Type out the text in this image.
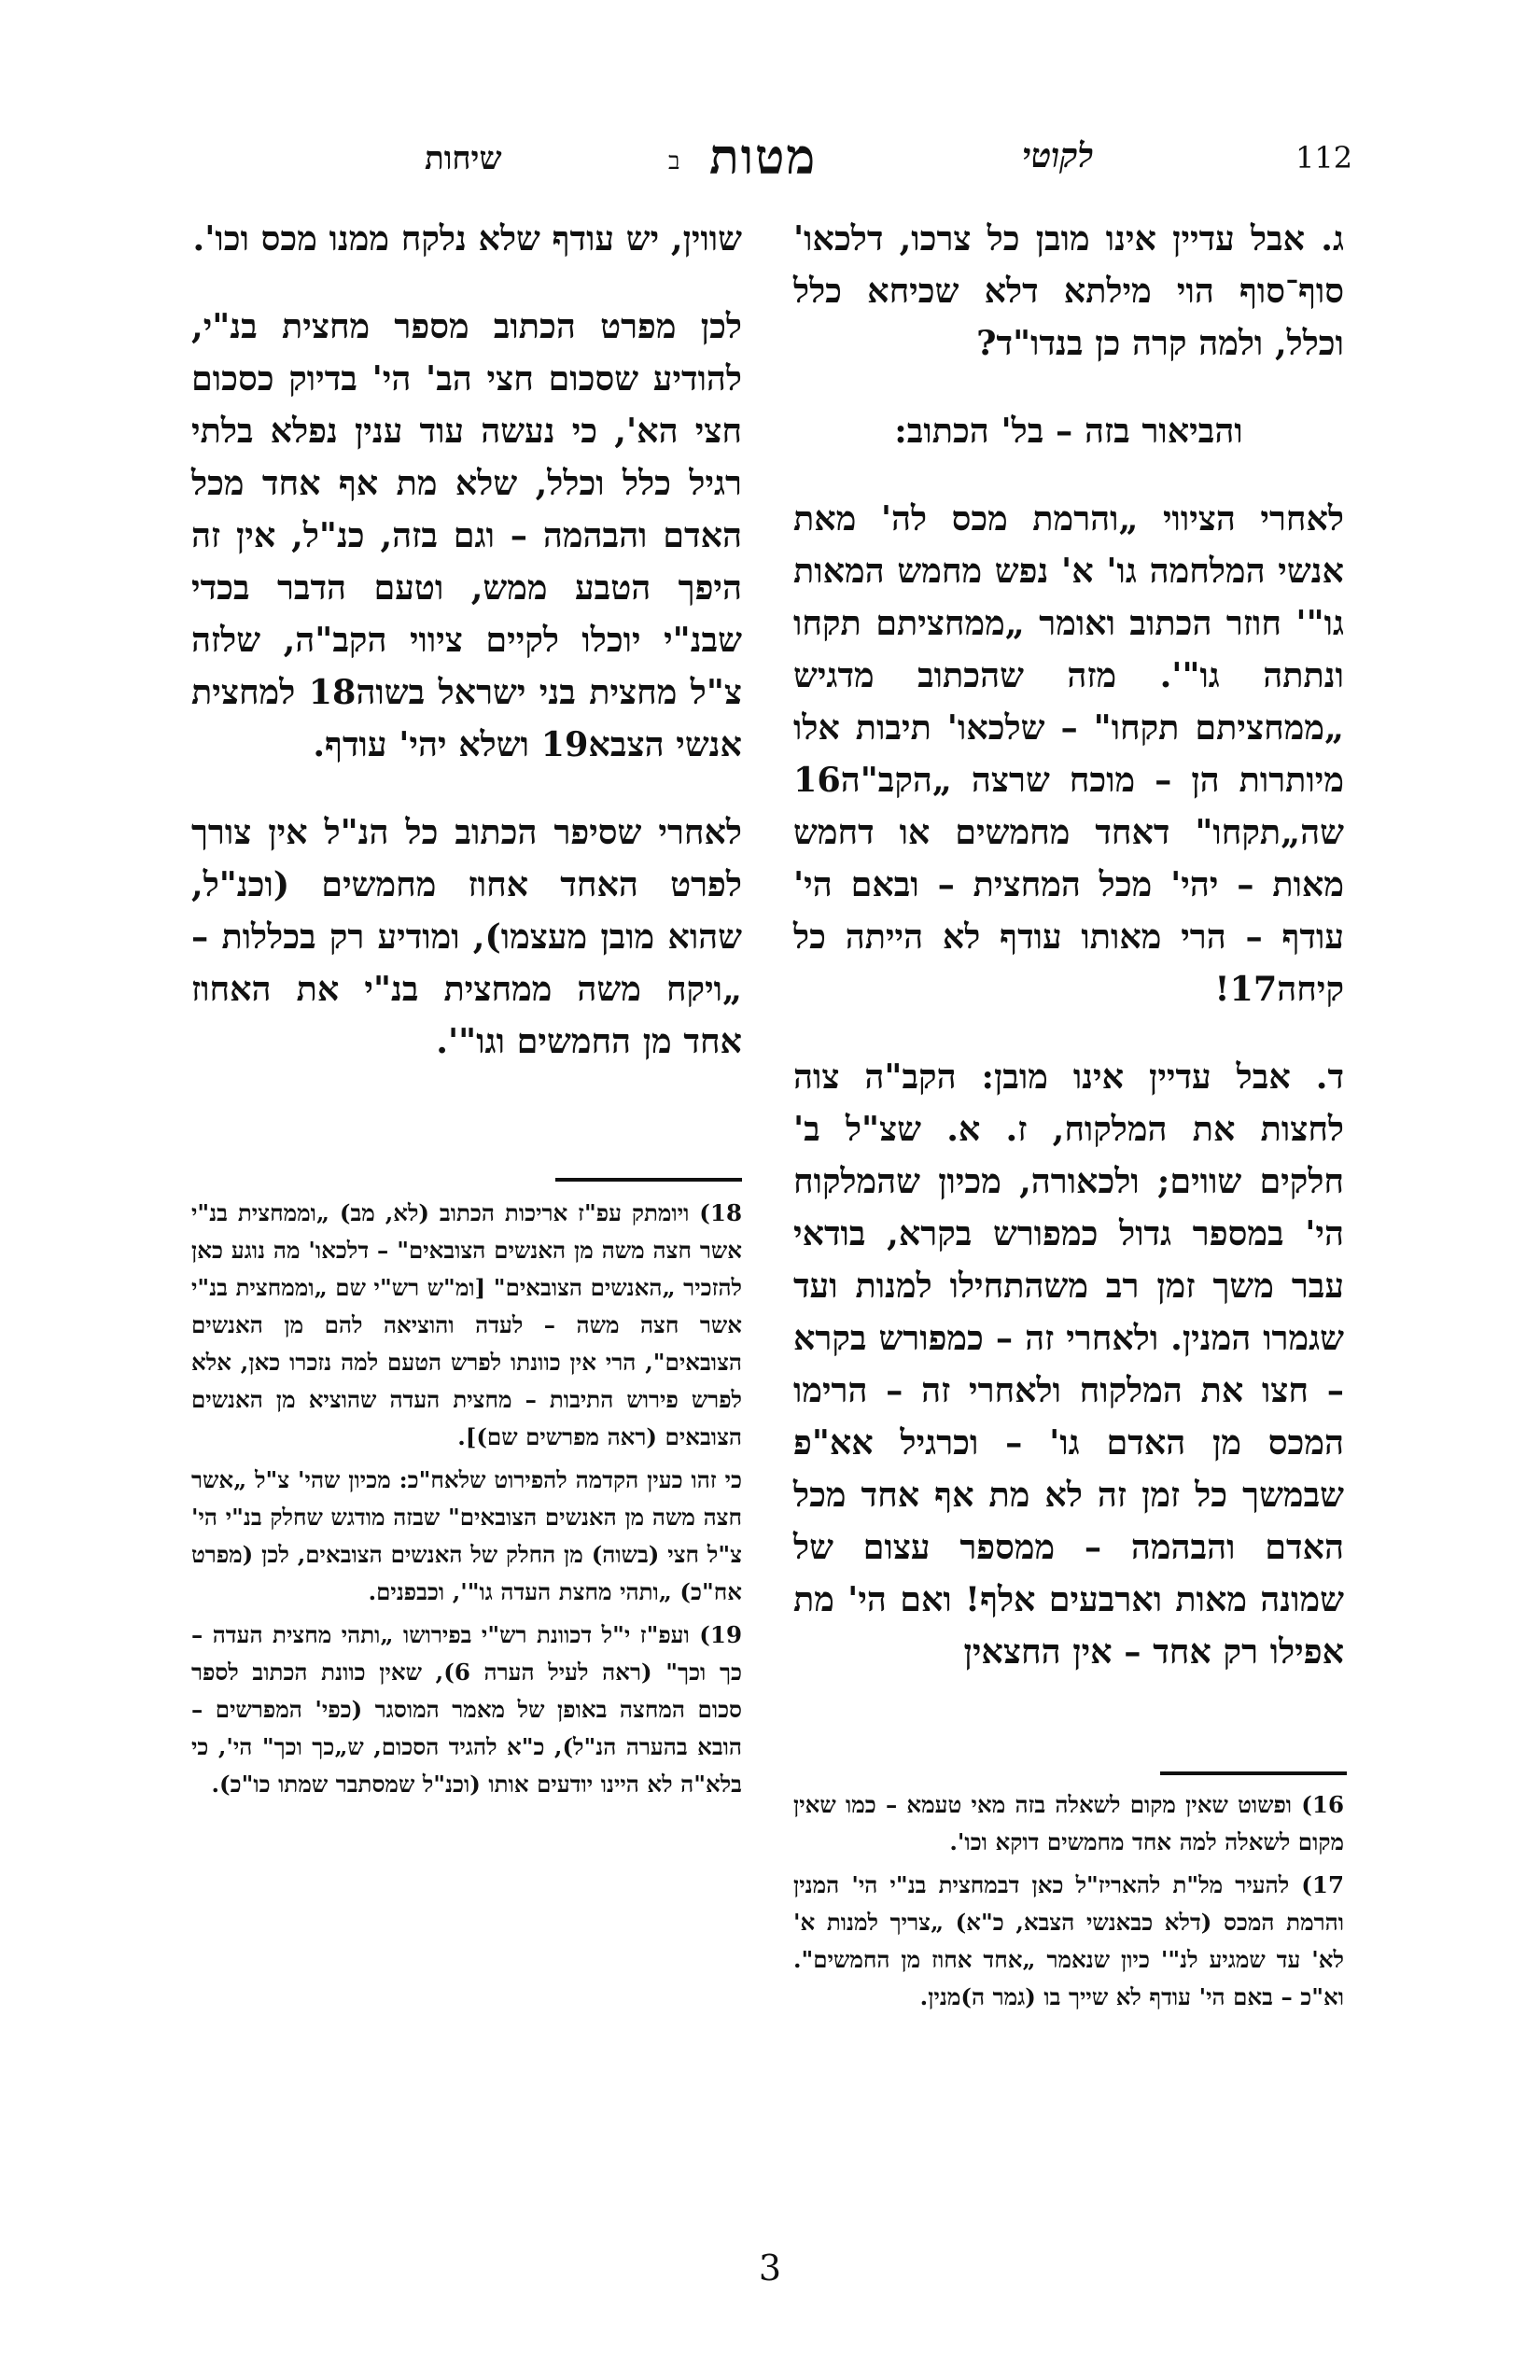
112
לקוטי
מטות
ב
שיחות

ג. אבל עדיין אינו מובן כל צרכו, דלכאו' סוף־סוף הוי מילתא דלא שכיחא כלל וכלל, ולמה קרה כן בנדו"ד?

והביאור בזה – בל' הכתוב:

לאחרי הציווי „והרמת מכס לה' מאת אנשי המלחמה גו' א' נפש מחמש המאות גו"' חוזר הכתוב ואומר „ממחציתם תקחו ונתתה גו"'. מזה שהכתוב מדגיש „ממחציתם תקחו" – שלכאו' תיבות אלו מיותרות הן – מוכח שרצה „הקב"ה16 שה„תקחו" דאחד מחמשים או דחמש מאות – יהי' מכל המחצית – ובאם הי' עודף – הרי מאותו עודף לא הייתה כל קיחה17!

ד. אבל עדיין אינו מובן: הקב"ה צוה לחצות את המלקוח, ז. א. שצ"ל ב' חלקים שווים; ולכאורה, מכיון שהמלקוח הי' במספר גדול כמפורש בקרא, בודאי עבר משך זמן רב משהתחילו למנות ועד שגמרו המנין. ולאחרי זה – כמפורש בקרא – חצו את המלקוח ולאחרי זה – הרימו המכס מן האדם גו' – וכרגיל אא"פ שבמשך כל זמן זה לא מת אף אחד מכל האדם והבהמה – ממספר עצום של שמונה מאות וארבעים אלף! ואם הי' מת אפילו רק אחד – אין החצאין

16) ופשוט שאין מקום לשאלה בזה מאי טעמא – כמו שאין מקום לשאלה למה אחד מחמשים דוקא וכו'.

17) להעיר מל"ת להאריז"ל כאן דבמחצית בנ"י הי' המנין והרמת המכס (דלא כבאנשי הצבא, כ"א) „צריך למנות א' לא' עד שמגיע לנ"' כיון שנאמר „אחד אחוז מן החמשים". וא"כ – באם הי' עודף לא שייך בו (גמר ה)מנין.

שווין, יש עודף שלא נלקח ממנו מכס וכו'.

לכן מפרט הכתוב מספר מחצית בנ"י, להודיע שסכום חצי הב' הי' בדיוק כסכום חצי הא', כי נעשה עוד ענין נפלא בלתי רגיל כלל וכלל, שלא מת אף אחד מכל האדם והבהמה – וגם בזה, כנ"ל, אין זה היפך הטבע ממש, וטעם הדבר בכדי שבנ"י יוכלו לקיים ציווי הקב"ה, שלזה צ"ל מחצית בני ישראל בשוה18 למחצית אנשי הצבא19 ושלא יהי' עודף.

לאחרי שסיפר הכתוב כל הנ"ל אין צורך לפרט האחד אחוז מחמשים (וכנ"ל, שהוא מובן מעצמו), ומודיע רק בכללות – „ויקח משה ממחצית בנ"י את האחוז אחד מן החמשים וגו"'.

18) ויומתק עפ"ז אריכות הכתוב (לא, מב) „וממחצית בנ"י אשר חצה משה מן האנשים הצובאים" – דלכאו' מה נוגע כאן להזכיר „האנשים הצובאים" [ומ"ש רש"י שם „וממחצית בנ"י אשר חצה משה – לעדה והוציאה להם מן האנשים הצובאים", הרי אין כוונתו לפרש הטעם למה נזכרו כאן, אלא לפרש פירוש התיבות – מחצית העדה שהוציא מן האנשים הצובאים (ראה מפרשים שם)].

כי זהו כעין הקדמה להפירוט שלאח"כ: מכיון שהי' צ"ל „אשר חצה משה מן האנשים הצובאים" שבזה מודגש שחלק בנ"י הי' צ"ל חצי (בשוה) מן החלק של האנשים הצובאים, לכן (מפרט אח"כ) „ותהי מחצת העדה גו"', וכבפנים.

19) ועפ"ז י"ל דכוונת רש"י בפירושו „ותהי מחצית העדה – כך וכך" (ראה לעיל הערה 6), שאין כוונת הכתוב לספר סכום המחצה באופן של מאמר המוסגר (כפי' המפרשים – הובא בהערה הנ"ל), כ"א להגיד הסכום, ש„כך וכך" הי', כי בלא"ה לא היינו יודעים אותו (וכנ"ל שמסתבר שמתו כו"כ).

3
